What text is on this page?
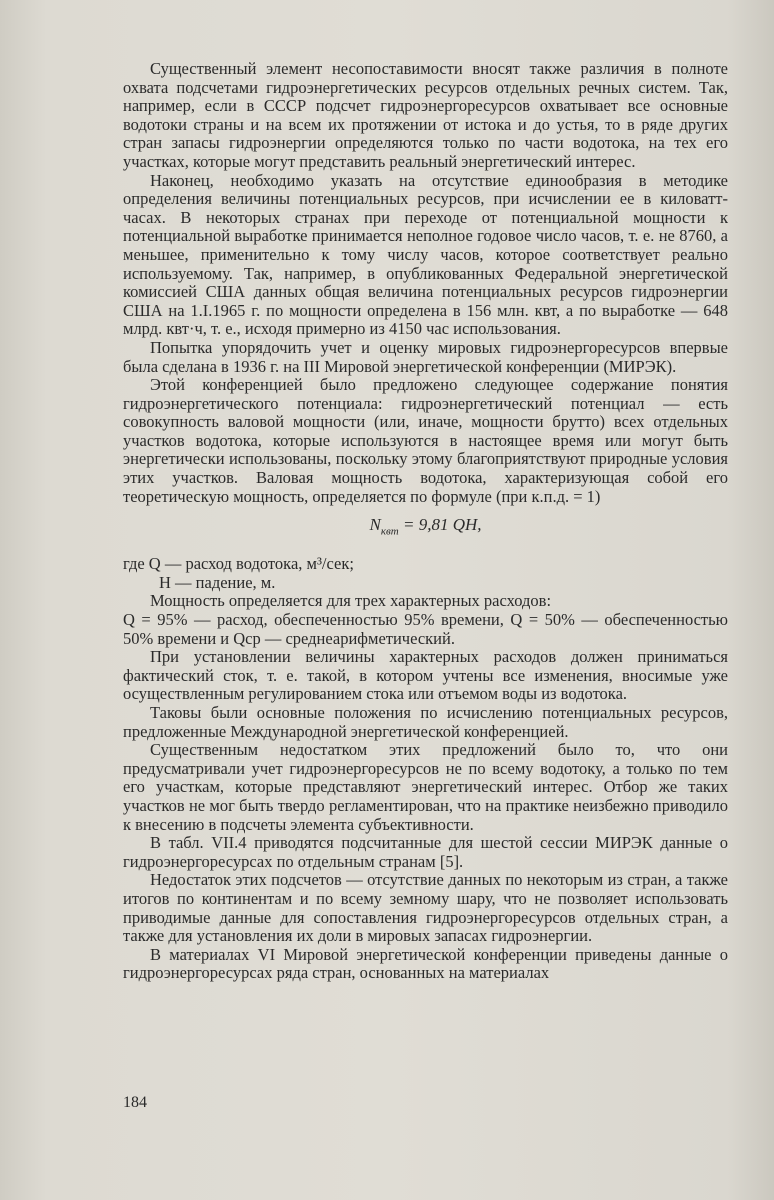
Существенный элемент несопоставимости вносят также различия в полноте охвата подсчетами гидроэнергетических ресурсов отдельных речных систем. Так, например, если в СССР подсчет гидроэнергоресурсов охватывает все основные водотоки страны и на всем их протяжении от истока и до устья, то в ряде других стран запасы гидроэнергии определяются только по части водотока, на тех его участках, которые могут представить реальный энергетический интерес.

Наконец, необходимо указать на отсутствие единообразия в методике определения величины потенциальных ресурсов, при исчислении ее в киловатт-часах. В некоторых странах при переходе от потенциальной мощности к потенциальной выработке принимается неполное годовое число часов, т. е. не 8760, а меньшее, применительно к тому числу часов, которое соответствует реально используемому. Так, например, в опубликованных Федеральной энергетической комиссией США данных общая величина потенциальных ресурсов гидроэнергии США на 1.I.1965 г. по мощности определена в 156 млн. квт, а по выработке — 648 млрд. квт·ч, т. е., исходя примерно из 4150 час использования.

Попытка упорядочить учет и оценку мировых гидроэнергоресурсов впервые была сделана в 1936 г. на III Мировой энергетической конференции (МИРЭК).

Этой конференцией было предложено следующее содержание понятия гидроэнергетического потенциала: гидроэнергетический потенциал — есть совокупность валовой мощности (или, иначе, мощности брутто) всех отдельных участков водотока, которые используются в настоящее время или могут быть энергетически использованы, поскольку этому благоприятствуют природные условия этих участков. Валовая мощность водотока, характеризующая собой его теоретическую мощность, определяется по формуле (при к.п.д. = 1)

$N_{квт} = 9,81$ QH,

где Q — расход водотока, м³/сек;

H — падение, м.

Мощность определяется для трех характерных расходов:

Q = 95% — расход, обеспеченностью 95% времени, Q = 50% — обеспеченностью 50% времени и Qср — среднеарифметический.

При установлении величины характерных расходов должен приниматься фактический сток, т. е. такой, в котором учтены все изменения, вносимые уже осуществленным регулированием стока или отъемом воды из водотока.

Таковы были основные положения по исчислению потенциальных ресурсов, предложенные Международной энергетической конференцией.

Существенным недостатком этих предложений было то, что они предусматривали учет гидроэнергоресурсов не по всему водотоку, а только по тем его участкам, которые представляют энергетический интерес. Отбор же таких участков не мог быть твердо регламентирован, что на практике неизбежно приводило к внесению в подсчеты элемента субъективности.

В табл. VII.4 приводятся подсчитанные для шестой сессии МИРЭК данные о гидроэнергоресурсах по отдельным странам [5].

Недостаток этих подсчетов — отсутствие данных по некоторым из стран, а также итогов по континентам и по всему земному шару, что не позволяет использовать приводимые данные для сопоставления гидроэнергоресурсов отдельных стран, а также для установления их доли в мировых запасах гидроэнергии.

В материалах VI Мировой энергетической конференции приведены данные о гидроэнергоресурсах ряда стран, основанных на материалах

184
